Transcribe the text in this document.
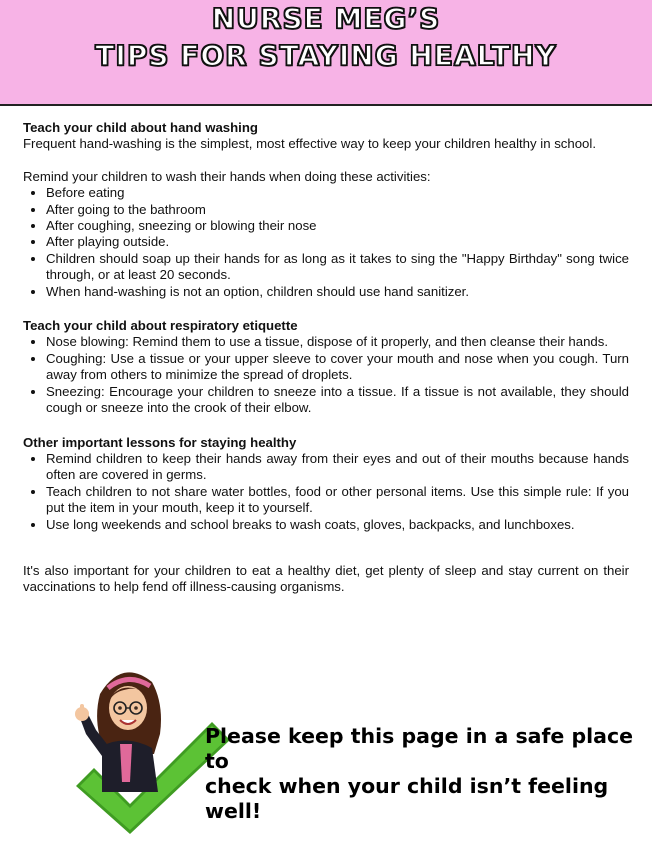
NURSE MEG’S
TIPS FOR STAYING HEALTHY
Teach your child about hand washing

Frequent hand-washing is the simplest, most effective way to keep your children healthy in school.

Remind your children to wash their hands when doing these activities:

• Before eating
• After going to the bathroom
• After coughing, sneezing or blowing their nose
• After playing outside.
• Children should soap up their hands for as long as it takes to sing the "Happy Birthday" song twice through, or at least 20 seconds.
• When hand-washing is not an option, children should use hand sanitizer.
Teach your child about respiratory etiquette
• Nose blowing: Remind them to use a tissue, dispose of it properly, and then cleanse their hands.
• Coughing: Use a tissue or your upper sleeve to cover your mouth and nose when you cough. Turn away from others to minimize the spread of droplets.
• Sneezing: Encourage your children to sneeze into a tissue. If a tissue is not available, they should cough or sneeze into the crook of their elbow.
Other important lessons for staying healthy
• Remind children to keep their hands away from their eyes and out of their mouths because hands often are covered in germs.
• Teach children to not share water bottles, food or other personal items. Use this simple rule: If you put the item in your mouth, keep it to yourself.
• Use long weekends and school breaks to wash coats, gloves, backpacks, and lunchboxes.

It's also important for your children to eat a healthy diet, get plenty of sleep and stay current on their vaccinations to help fend off illness-causing organisms.

Please keep this page in a safe place to
check when your child isn’t feeling well!
